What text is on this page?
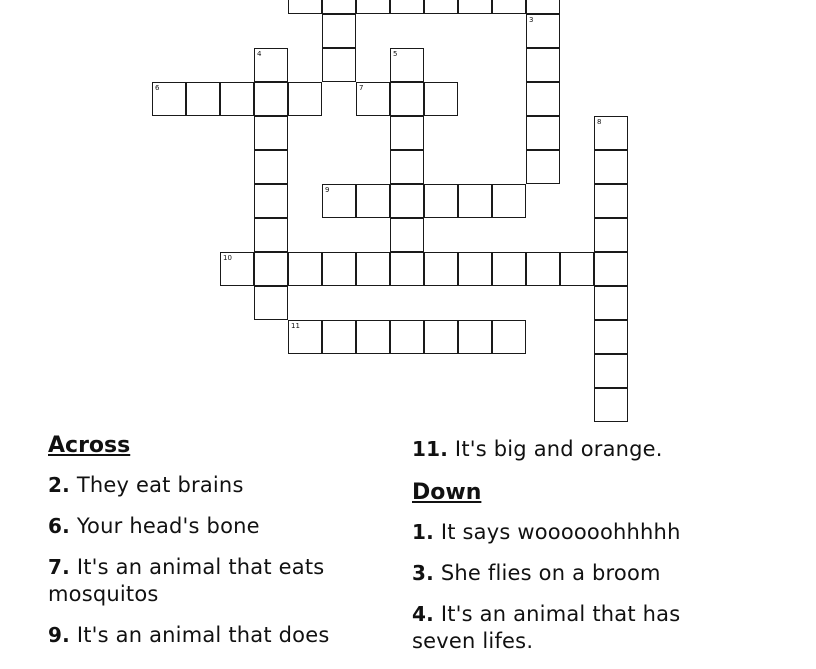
3
4	5
6	7
8
9
10
11
Across

2. They eat brains

6. Your head's bone

7. It's an animal that eats mosquitos

9. It's an animal that does

11. It's big and orange.

Down

1. It says woooooohhhhh

3. She flies on a broom

4. It's an animal that has seven lifes.
